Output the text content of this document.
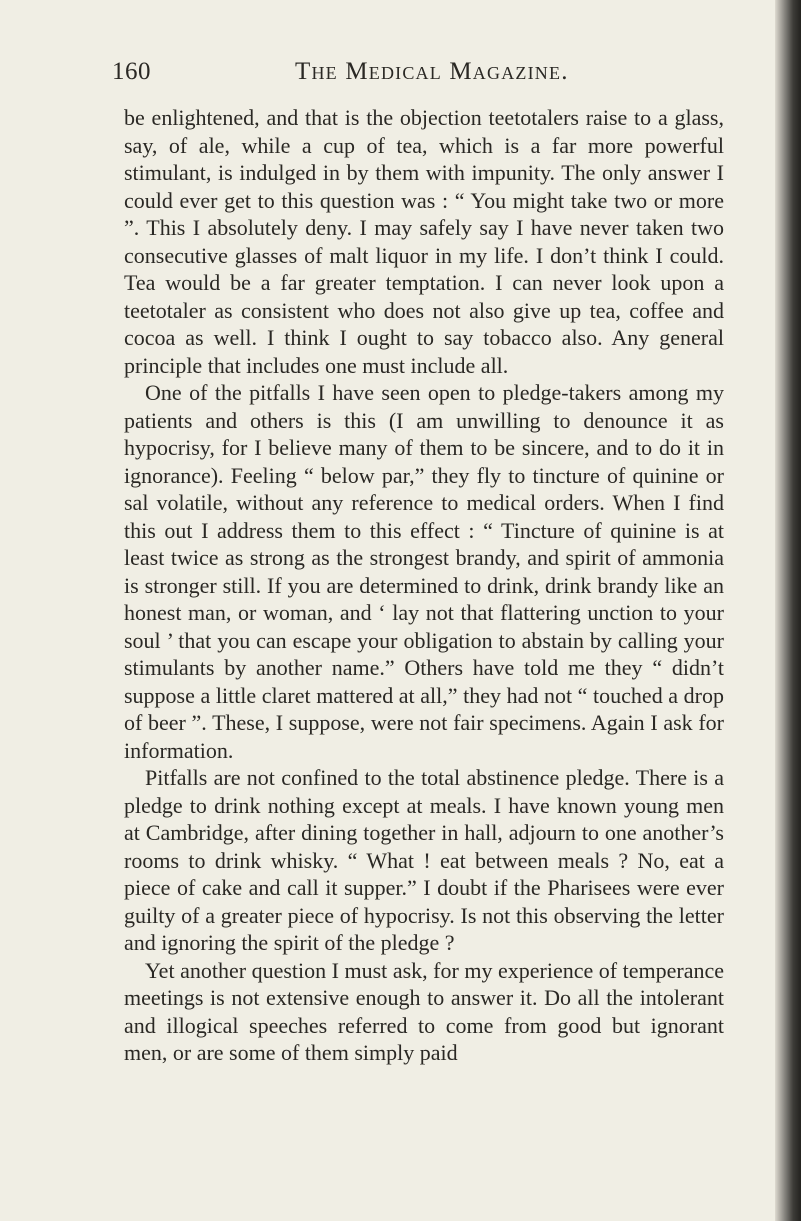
160	The Medical Magazine.

be enlightened, and that is the objection teetotalers raise to a glass, say, of ale, while a cup of tea, which is a far more powerful stimulant, is indulged in by them with impunity. The only answer I could ever get to this question was : “ You might take two or more ”. This I absolutely deny. I may safely say I have never taken two consecutive glasses of malt liquor in my life. I don’t think I could. Tea would be a far greater temptation. I can never look upon a teetotaler as consistent who does not also give up tea, coffee and cocoa as well. I think I ought to say tobacco also. Any general principle that includes one must include all.

One of the pitfalls I have seen open to pledge-takers among my patients and others is this (I am unwilling to denounce it as hypocrisy, for I believe many of them to be sincere, and to do it in ignorance). Feeling “ below par,” they fly to tincture of quinine or sal volatile, without any reference to medical orders. When I find this out I address them to this effect : “ Tincture of quinine is at least twice as strong as the strongest brandy, and spirit of ammonia is stronger still. If you are determined to drink, drink brandy like an honest man, or woman, and ‘ lay not that flattering unction to your soul ’ that you can escape your obligation to abstain by calling your stimulants by another name.” Others have told me they “ didn’t suppose a little claret mattered at all,” they had not “ touched a drop of beer ”. These, I suppose, were not fair specimens. Again I ask for information.

Pitfalls are not confined to the total abstinence pledge. There is a pledge to drink nothing except at meals. I have known young men at Cambridge, after dining together in hall, adjourn to one another’s rooms to drink whisky. “ What ! eat between meals ? No, eat a piece of cake and call it supper.” I doubt if the Pharisees were ever guilty of a greater piece of hypocrisy. Is not this observing the letter and ignoring the spirit of the pledge ?

Yet another question I must ask, for my experience of temperance meetings is not extensive enough to answer it. Do all the intolerant and illogical speeches referred to come from good but ignorant men, or are some of them simply paid
